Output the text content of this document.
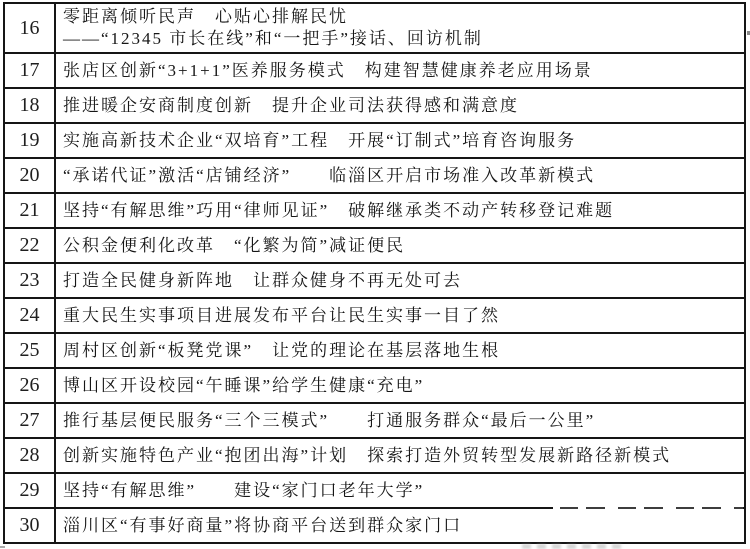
16 零距离倾听民声　心贴心排解民忧
——“12345 市长在线”和“一把手”接话、回访机制
17 张店区创新“3+1+1”医养服务模式　构建智慧健康养老应用场景
18 推进暖企安商制度创新　提升企业司法获得感和满意度
19 实施高新技术企业“双培育”工程　开展“订制式”培育咨询服务
20 “承诺代证”激活“店铺经济”　　临淄区开启市场准入改革新模式
21 坚持“有解思维”巧用“律师见证”　破解继承类不动产转移登记难题
22 公积金便利化改革　“化繁为简”减证便民
23 打造全民健身新阵地　让群众健身不再无处可去
24 重大民生实事项目进展发布平台让民生实事一目了然
25 周村区创新“板凳党课”　让党的理论在基层落地生根
26 博山区开设校园“午睡课”给学生健康“充电”
27 推行基层便民服务“三个三模式”　　打通服务群众“最后一公里”
28 创新实施特色产业“抱团出海”计划　探索打造外贸转型发展新路径新模式
29 坚持“有解思维”　　建设“家门口老年大学”
30 淄川区“有事好商量”将协商平台送到群众家门口
